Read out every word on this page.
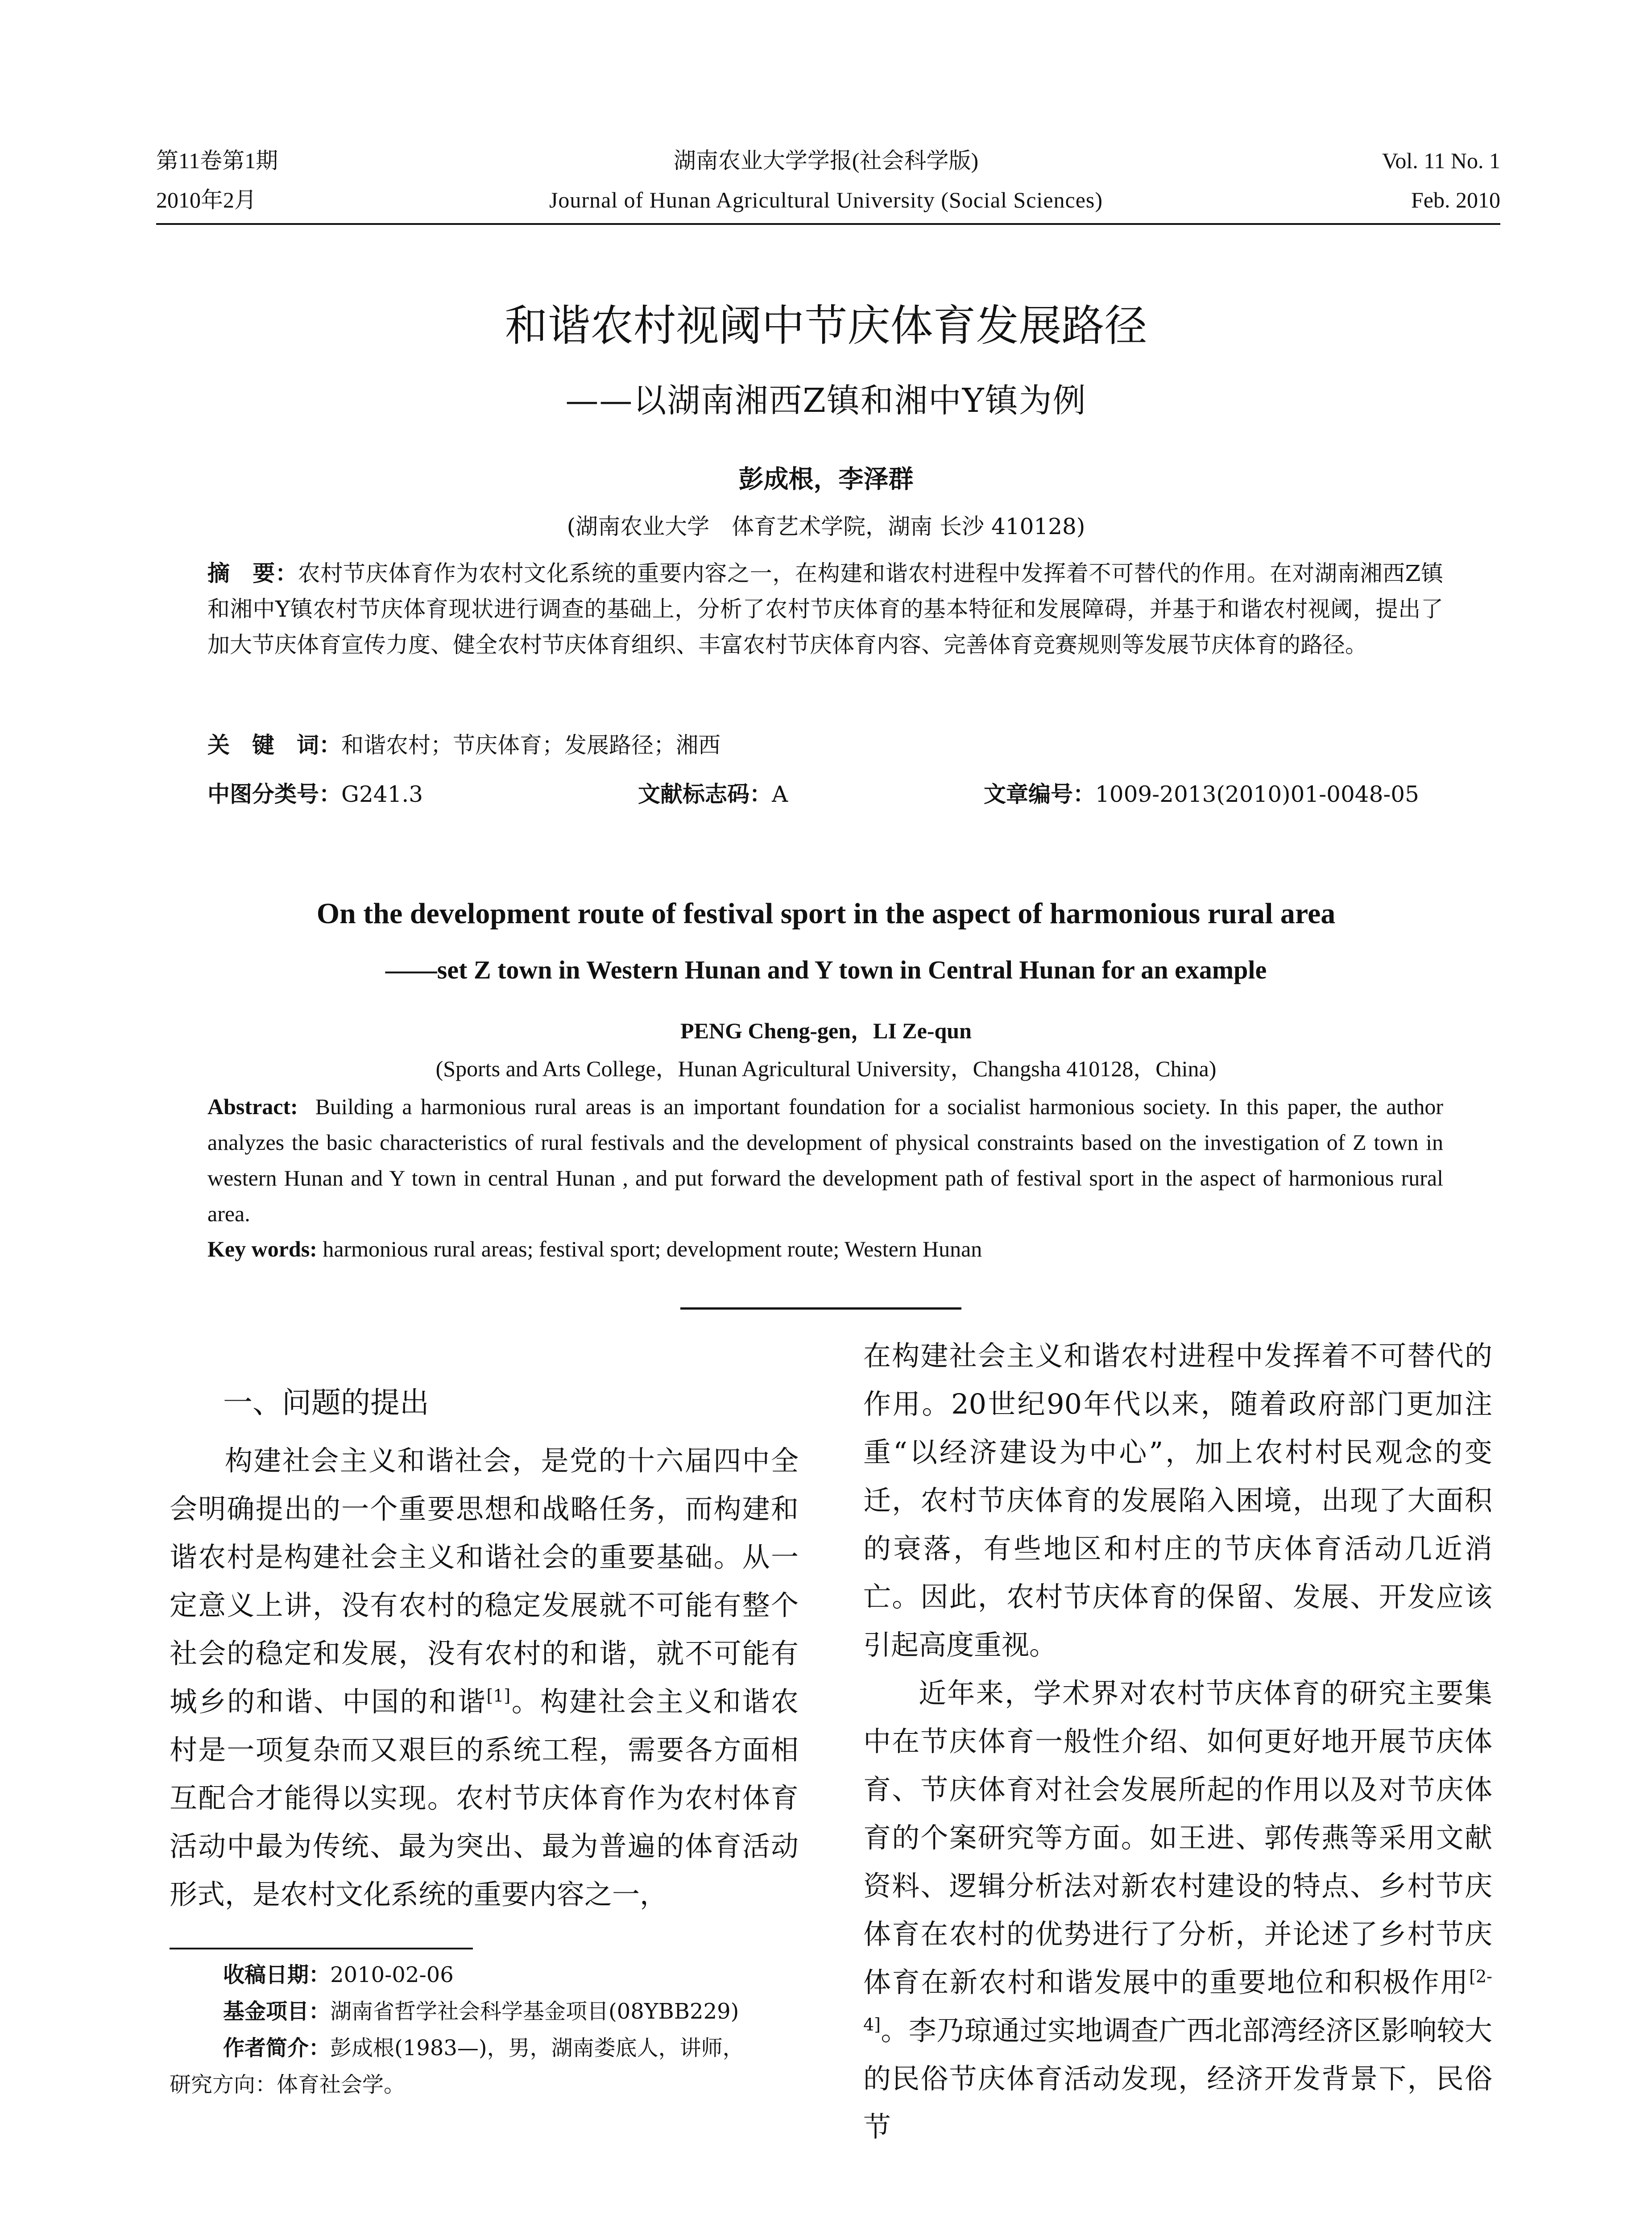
第11卷第1期
2010年2月
湖南农业大学学报(社会科学版)
Journal of Hunan Agricultural University (Social Sciences)
Vol. 11 No. 1
Feb. 2010
和谐农村视阈中节庆体育发展路径
——以湖南湘西Z镇和湘中Y镇为例
彭成根，李泽群
(湖南农业大学　体育艺术学院，湖南 长沙 410128)
摘　要：农村节庆体育作为农村文化系统的重要内容之一，在构建和谐农村进程中发挥着不可替代的作用。在对湖南湘西Z镇和湘中Y镇农村节庆体育现状进行调查的基础上，分析了农村节庆体育的基本特征和发展障碍，并基于和谐农村视阈，提出了加大节庆体育宣传力度、健全农村节庆体育组织、丰富农村节庆体育内容、完善体育竞赛规则等发展节庆体育的路径。
关　键　词：和谐农村；节庆体育；发展路径；湘西
中图分类号：G241.3	文献标志码：A	文章编号：1009-2013(2010)01-0048-05
On the development route of festival sport in the aspect of harmonious rural area
——set Z town in Western Hunan and Y town in Central Hunan for an example
PENG Cheng-gen，LI Ze-qun
(Sports and Arts College，Hunan Agricultural University，Changsha 410128，China)
Abstract: Building a harmonious rural areas is an important foundation for a socialist harmonious society. In this paper, the author analyzes the basic characteristics of rural festivals and the development of physical constraints based on the investigation of Z town in western Hunan and Y town in central Hunan , and put forward the development path of festival sport in the aspect of harmonious rural area.
Key words: harmonious rural areas; festival sport; development route; Western Hunan
一、问题的提出

构建社会主义和谐社会，是党的十六届四中全会明确提出的一个重要思想和战略任务，而构建和谐农村是构建社会主义和谐社会的重要基础。从一定意义上讲，没有农村的稳定发展就不可能有整个社会的稳定和发展，没有农村的和谐，就不可能有城乡的和谐、中国的和谐[1]。构建社会主义和谐农村是一项复杂而又艰巨的系统工程，需要各方面相互配合才能得以实现。农村节庆体育作为农村体育活动中最为传统、最为突出、最为普遍的体育活动形式，是农村文化系统的重要内容之一，

收稿日期：2010-02-06
基金项目：湖南省哲学社会科学基金项目(08YBB229)
作者简介：彭成根(1983—)，男，湖南娄底人，讲师，
研究方向：体育社会学。

在构建社会主义和谐农村进程中发挥着不可替代的作用。20世纪90年代以来，随着政府部门更加注重“以经济建设为中心”，加上农村村民观念的变迁，农村节庆体育的发展陷入困境，出现了大面积的衰落，有些地区和村庄的节庆体育活动几近消亡。因此，农村节庆体育的保留、发展、开发应该引起高度重视。

近年来，学术界对农村节庆体育的研究主要集中在节庆体育一般性介绍、如何更好地开展节庆体育、节庆体育对社会发展所起的作用以及对节庆体育的个案研究等方面。如王进、郭传燕等采用文献资料、逻辑分析法对新农村建设的特点、乡村节庆体育在农村的优势进行了分析，并论述了乡村节庆体育在新农村和谐发展中的重要地位和积极作用[2-4]。李乃琼通过实地调查广西北部湾经济区影响较大的民俗节庆体育活动发现，经济开发背景下，民俗节
